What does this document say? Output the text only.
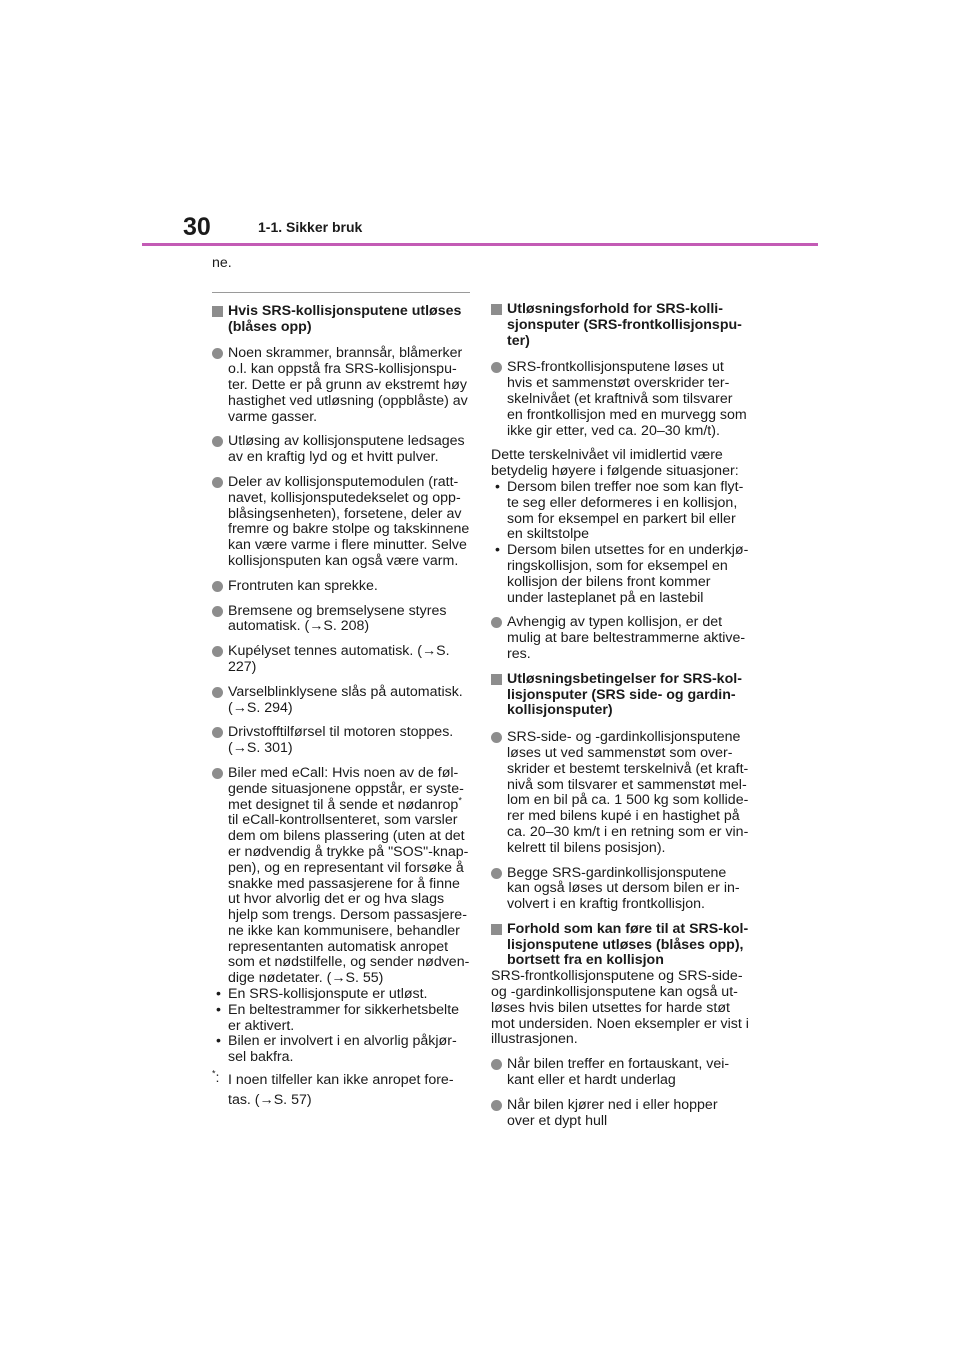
30	1-1. Sikker bruk

ne.

Hvis SRS-kollisjonsputene utløses (blåses opp)
Noen skrammer, brannsår, blåmerker o.l. kan oppstå fra SRS-kollisjonsputer. Dette er på grunn av ekstremt høy hastighet ved utløsning (oppblåste) av varme gasser.
Utløsing av kollisjonsputene ledsages av en kraftig lyd og et hvitt pulver.
Deler av kollisjonsputemodulen (rattnavet, kollisjonsputedekselet og oppblåsingsenheten), forsetene, deler av fremre og bakre stolpe og takskinnene kan være varme i flere minutter. Selve kollisjonsputen kan også være varm.
Frontruten kan sprekke.
Bremsene og bremselysene styres automatisk. (→S. 208)
Kupélyset tennes automatisk. (→S. 227)
Varselblinklysene slås på automatisk. (→S. 294)
Drivstofftilførsel til motoren stoppes. (→S. 301)
Biler med eCall: Hvis noen av de følgende situasjonene oppstår, er systemet designet til å sende et nødanrop* til eCall-kontrollsenteret, som varsler dem om bilens plassering (uten at det er nødvendig å trykke på "SOS"-knappen), og en representant vil forsøke å snakke med passasjerene for å finne ut hvor alvorlig det er og hva slags hjelp som trengs. Dersom passasjerene ikke kan kommunisere, behandler representanten automatisk anropet som et nødstilfelle, og sender nødvendige nødetater. (→S. 55)
• En SRS-kollisjonspute er utløst.
• En beltestrammer for sikkerhetsbelte er aktivert.
• Bilen er involvert i en alvorlig påkjørsel bakfra.
*: I noen tilfeller kan ikke anropet foretas. (→S. 57)
Utløsningsforhold for SRS-kollisjonsputer (SRS-frontkollisjonsputer)
SRS-frontkollisjonsputene løses ut hvis et sammenstøt overskrider terskelnivået (et kraftnivå som tilsvarer en frontkollisjon med en murvegg som ikke gir etter, ved ca. 20–30 km/t).

Dette terskelnivået vil imidlertid være betydelig høyere i følgende situasjoner:

• Dersom bilen treffer noe som kan flytte seg eller deformeres i en kollisjon, som for eksempel en parkert bil eller en skiltstolpe
• Dersom bilen utsettes for en underkjøringskollisjon, som for eksempel en kollisjon der bilens front kommer under lasteplanet på en lastebil
Avhengig av typen kollisjon, er det mulig at bare beltestrammerne aktiveres.
Utløsningsbetingelser for SRS-kollisjonsputer (SRS side- og gardinkollisjonsputer)
SRS-side- og -gardinkollisjonsputene løses ut ved sammenstøt som overskrider et bestemt terskelnivå (et kraftnivå som tilsvarer et sammenstøt mellom en bil på ca. 1 500 kg som kolliderer med bilens kupé i en hastighet på ca. 20–30 km/t i en retning som er vinkelrett til bilens posisjon).
Begge SRS-gardinkollisjonsputene kan også løses ut dersom bilen er involvert i en kraftig frontkollisjon.
Forhold som kan føre til at SRS-kollisjonsputene utløses (blåses opp), bortsett fra en kollisjon

SRS-frontkollisjonsputene og SRS-side- og -gardinkollisjonsputene kan også utløses hvis bilen utsettes for harde støt mot undersiden. Noen eksempler er vist i illustrasjonen.

Når bilen treffer en fortauskant, veikant eller et hardt underlag
Når bilen kjører ned i eller hopper over et dypt hull
